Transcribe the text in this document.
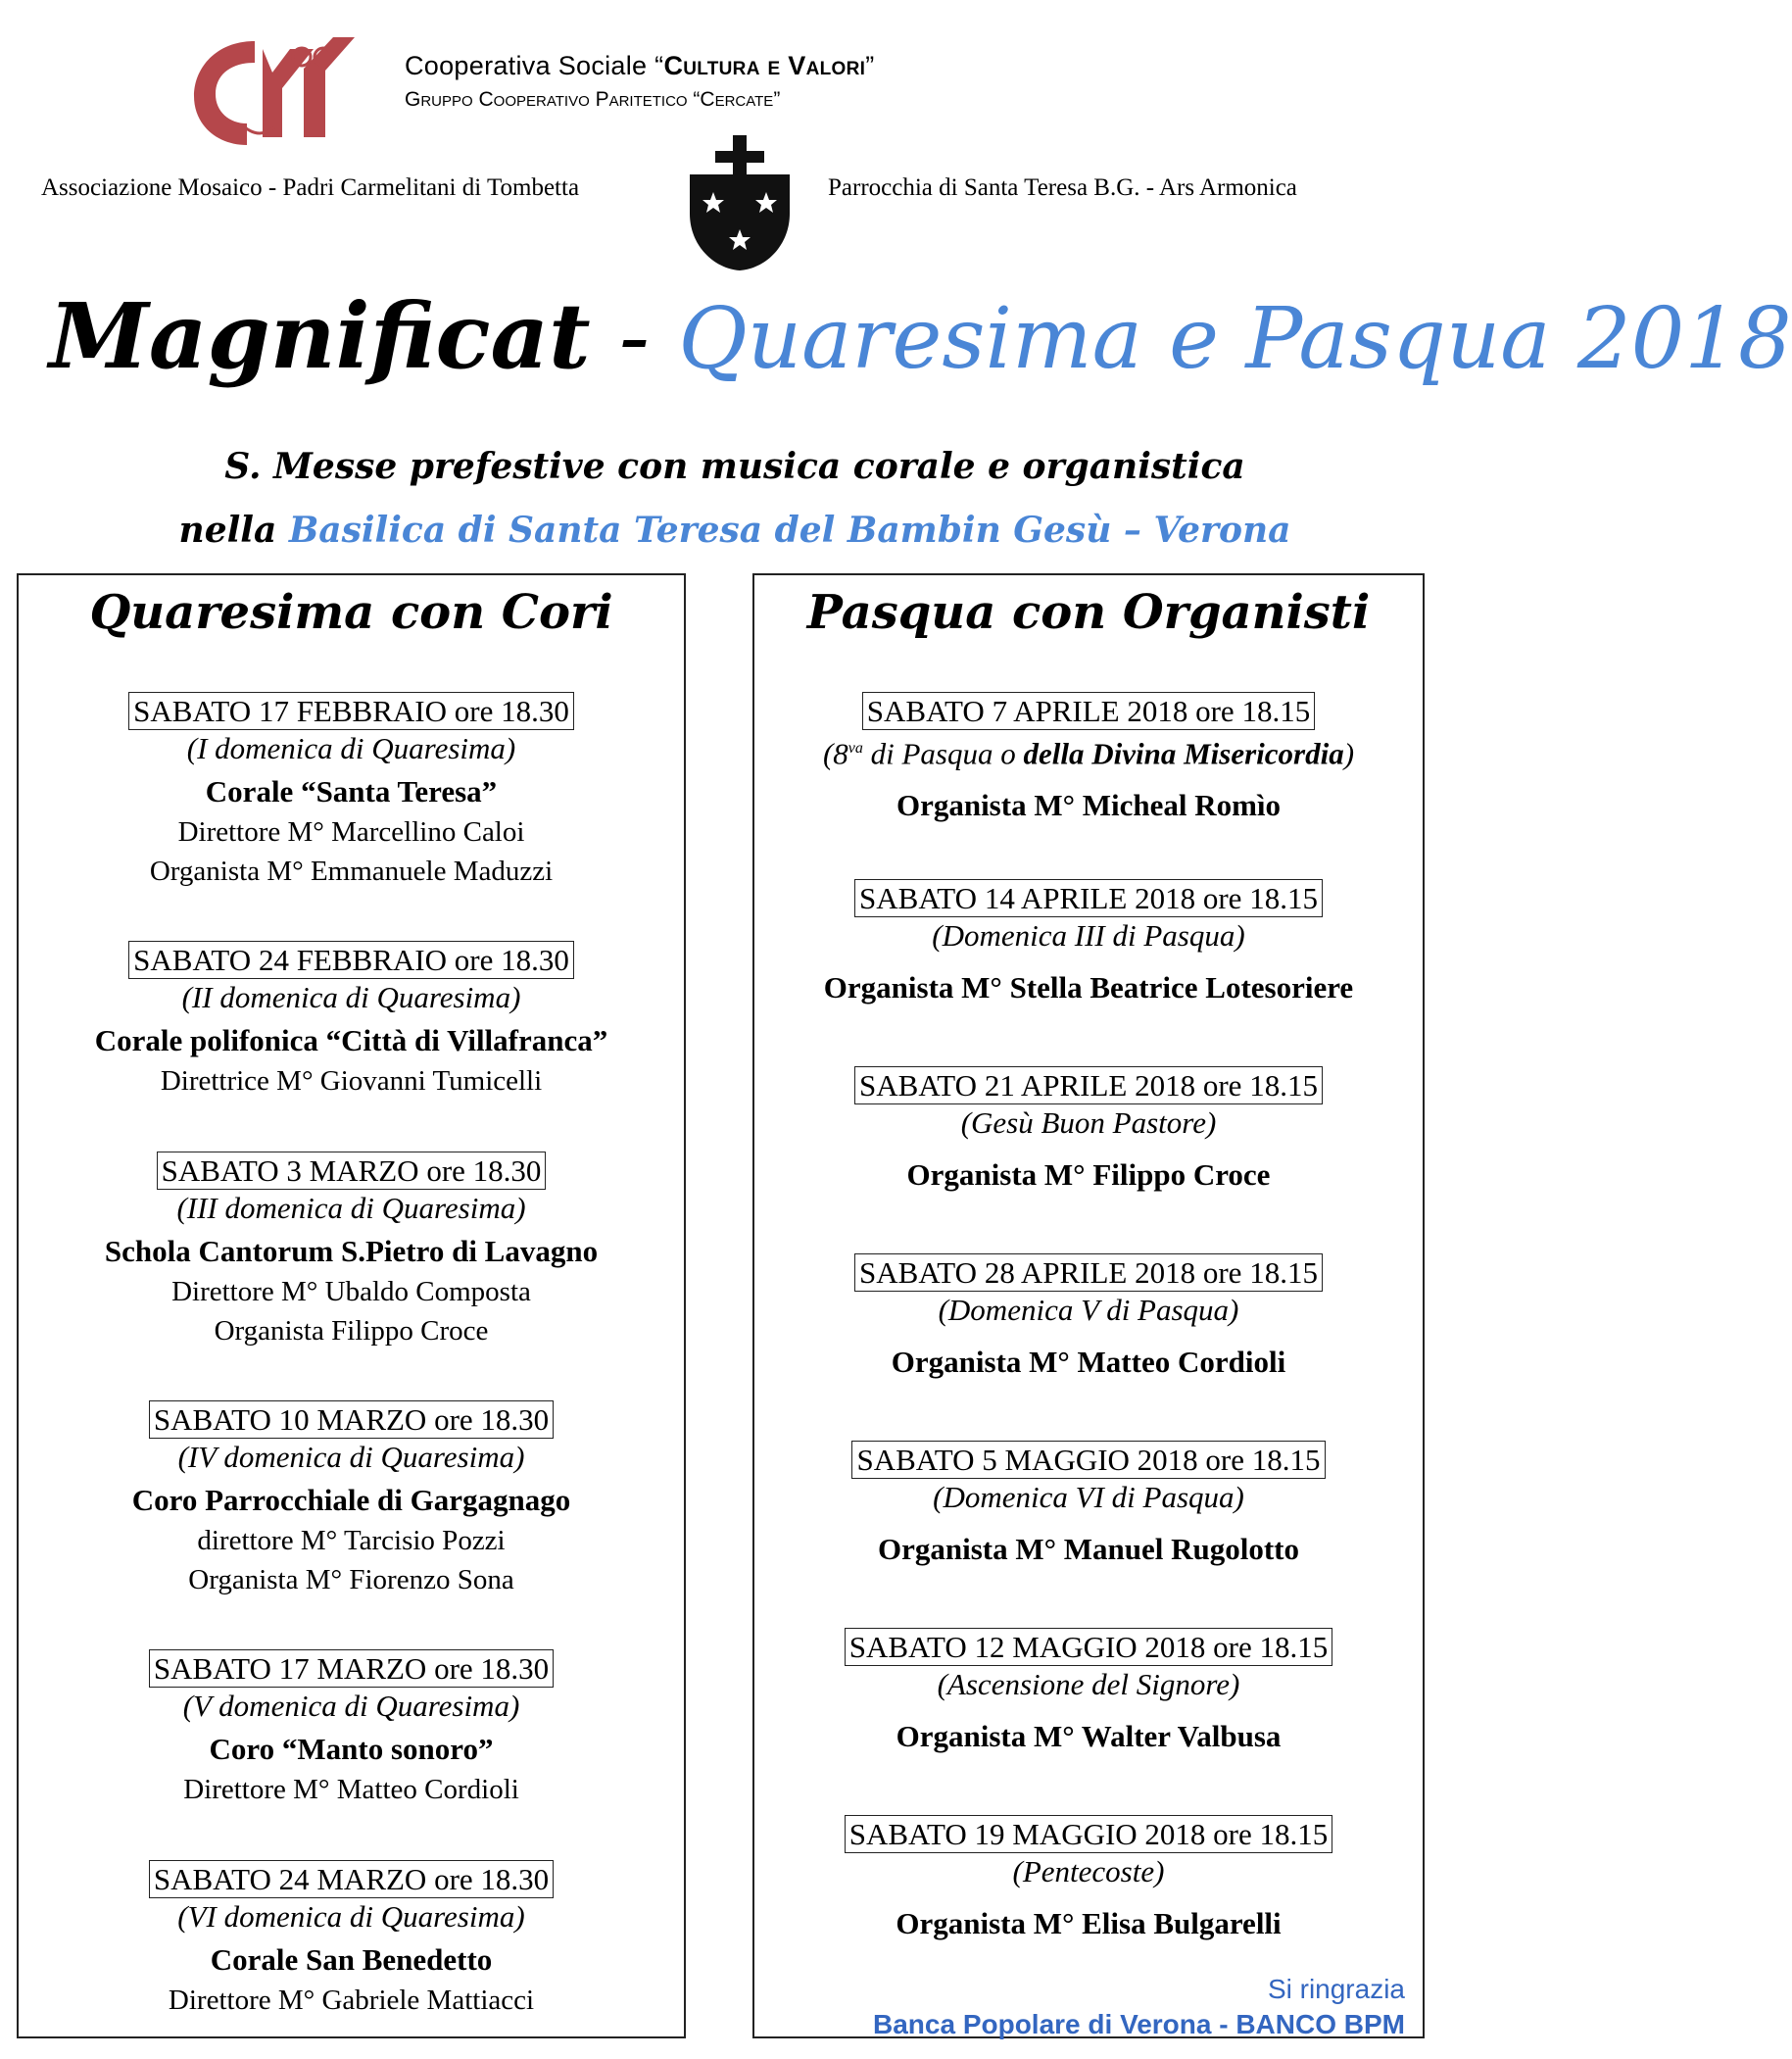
Cooperativa Sociale “Cultura e Valori”
Gruppo Cooperativo Paritetico “Cercate”
Associazione Mosaico - Padri Carmelitani di Tombetta	Parrocchia di Santa Teresa B.G. - Ars Armonica
Magnificat - Quaresima e Pasqua 2018
S. Messe prefestive con musica corale e organistica
nella Basilica di Santa Teresa del Bambin Gesù – Verona
Quaresima con Cori
SABATO 17 FEBBRAIO ore 18.30
(I domenica di Quaresima)
Corale “Santa Teresa”
Direttore M° Marcellino Caloi
Organista M° Emmanuele Maduzzi
SABATO 24 FEBBRAIO ore 18.30
(II domenica di Quaresima)
Corale polifonica “Città di Villafranca”
Direttrice M° Giovanni Tumicelli
SABATO 3 MARZO ore 18.30
(III domenica di Quaresima)
Schola Cantorum S.Pietro di Lavagno
Direttore M° Ubaldo Composta
Organista Filippo Croce
SABATO 10 MARZO ore 18.30
(IV domenica di Quaresima)
Coro Parrocchiale di Gargagnago
direttore M° Tarcisio Pozzi
Organista M° Fiorenzo Sona
SABATO 17 MARZO ore 18.30
(V domenica di Quaresima)
Coro “Manto sonoro”
Direttore M° Matteo Cordioli
SABATO 24 MARZO ore 18.30
(VI domenica di Quaresima)
Corale San Benedetto
Direttore M° Gabriele Mattiacci
Pasqua con Organisti
SABATO 7 APRILE 2018 ore 18.15
($8^{va}$ di Pasqua o della Divina Misericordia)
Organista M° Micheal Romìo
SABATO 14 APRILE 2018 ore 18.15
(Domenica III di Pasqua)
Organista M° Stella Beatrice Lotesoriere
SABATO 21 APRILE 2018 ore 18.15
(Gesù Buon Pastore)
Organista M° Filippo Croce
SABATO 28 APRILE 2018 ore 18.15
(Domenica V di Pasqua)
Organista M° Matteo Cordioli
SABATO 5 MAGGIO 2018 ore 18.15
(Domenica VI di Pasqua)
Organista M° Manuel Rugolotto
SABATO 12 MAGGIO 2018 ore 18.15
(Ascensione del Signore)
Organista M° Walter Valbusa
SABATO 19 MAGGIO 2018 ore 18.15
(Pentecoste)
Organista M° Elisa Bulgarelli
Si ringrazia
Banca Popolare di Verona - BANCO BPM
